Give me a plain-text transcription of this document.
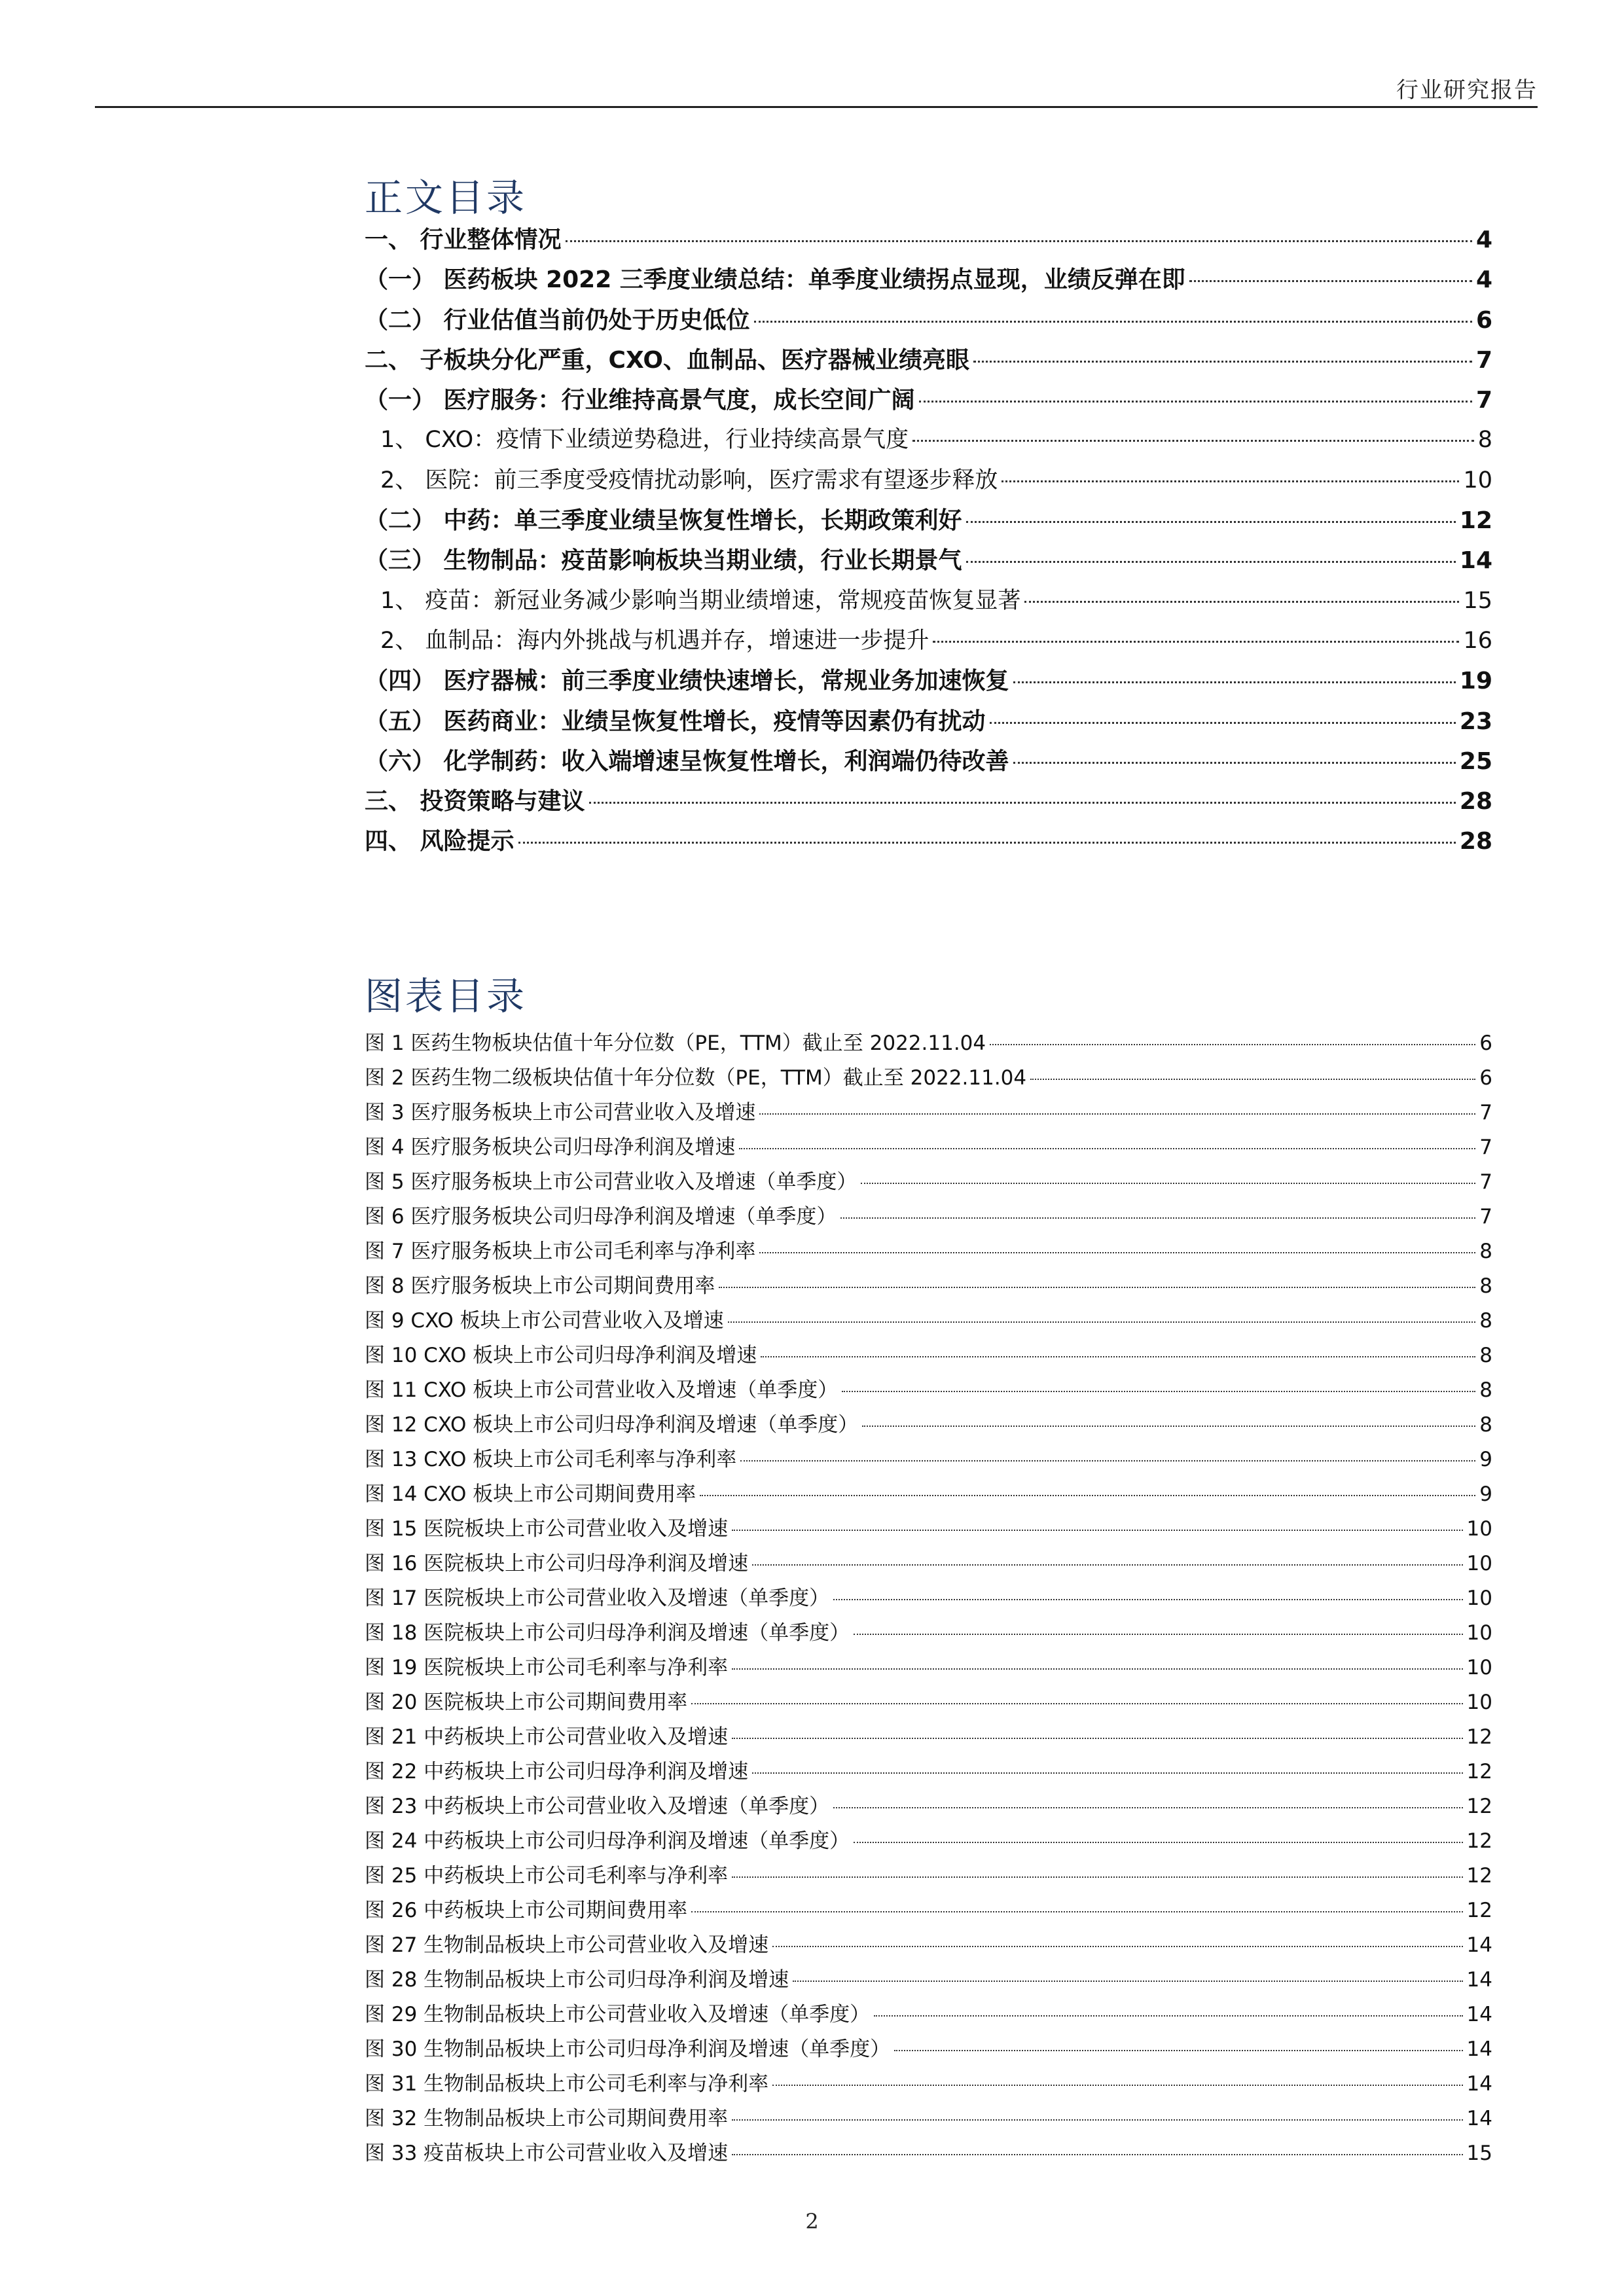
行业研究报告
正文目录
一、 行业整体情况	4
（一） 医药板块 2022 三季度业绩总结：单季度业绩拐点显现，业绩反弹在即	4
（二） 行业估值当前仍处于历史低位	6
二、 子板块分化严重，CXO、血制品、医疗器械业绩亮眼	7
（一） 医疗服务：行业维持高景气度，成长空间广阔	7
1、 CXO：疫情下业绩逆势稳进，行业持续高景气度	8
2、 医院：前三季度受疫情扰动影响，医疗需求有望逐步释放	10
（二） 中药：单三季度业绩呈恢复性增长，长期政策利好	12
（三） 生物制品：疫苗影响板块当期业绩，行业长期景气	14
1、 疫苗：新冠业务减少影响当期业绩增速，常规疫苗恢复显著	15
2、 血制品：海内外挑战与机遇并存，增速进一步提升	16
（四） 医疗器械：前三季度业绩快速增长，常规业务加速恢复	19
（五） 医药商业：业绩呈恢复性增长，疫情等因素仍有扰动	23
（六） 化学制药：收入端增速呈恢复性增长，利润端仍待改善	25
三、 投资策略与建议	28
四、 风险提示	28
图表目录
图 1 医药生物板块估值十年分位数（PE，TTM）截止至 2022.11.04	6
图 2 医药生物二级板块估值十年分位数（PE，TTM）截止至 2022.11.04	6
图 3 医疗服务板块上市公司营业收入及增速	7
图 4 医疗服务板块公司归母净利润及增速	7
图 5 医疗服务板块上市公司营业收入及增速（单季度）	7
图 6 医疗服务板块公司归母净利润及增速（单季度）	7
图 7 医疗服务板块上市公司毛利率与净利率	8
图 8 医疗服务板块上市公司期间费用率	8
图 9 CXO 板块上市公司营业收入及增速	8
图 10 CXO 板块上市公司归母净利润及增速	8
图 11 CXO 板块上市公司营业收入及增速（单季度）	8
图 12 CXO 板块上市公司归母净利润及增速（单季度）	8
图 13 CXO 板块上市公司毛利率与净利率	9
图 14 CXO 板块上市公司期间费用率	9
图 15 医院板块上市公司营业收入及增速	10
图 16 医院板块上市公司归母净利润及增速	10
图 17 医院板块上市公司营业收入及增速（单季度）	10
图 18 医院板块上市公司归母净利润及增速（单季度）	10
图 19 医院板块上市公司毛利率与净利率	10
图 20 医院板块上市公司期间费用率	10
图 21 中药板块上市公司营业收入及增速	12
图 22 中药板块上市公司归母净利润及增速	12
图 23 中药板块上市公司营业收入及增速（单季度）	12
图 24 中药板块上市公司归母净利润及增速（单季度）	12
图 25 中药板块上市公司毛利率与净利率	12
图 26 中药板块上市公司期间费用率	12
图 27 生物制品板块上市公司营业收入及增速	14
图 28 生物制品板块上市公司归母净利润及增速	14
图 29 生物制品板块上市公司营业收入及增速（单季度）	14
图 30 生物制品板块上市公司归母净利润及增速（单季度）	14
图 31 生物制品板块上市公司毛利率与净利率	14
图 32 生物制品板块上市公司期间费用率	14
图 33 疫苗板块上市公司营业收入及增速	15
2
